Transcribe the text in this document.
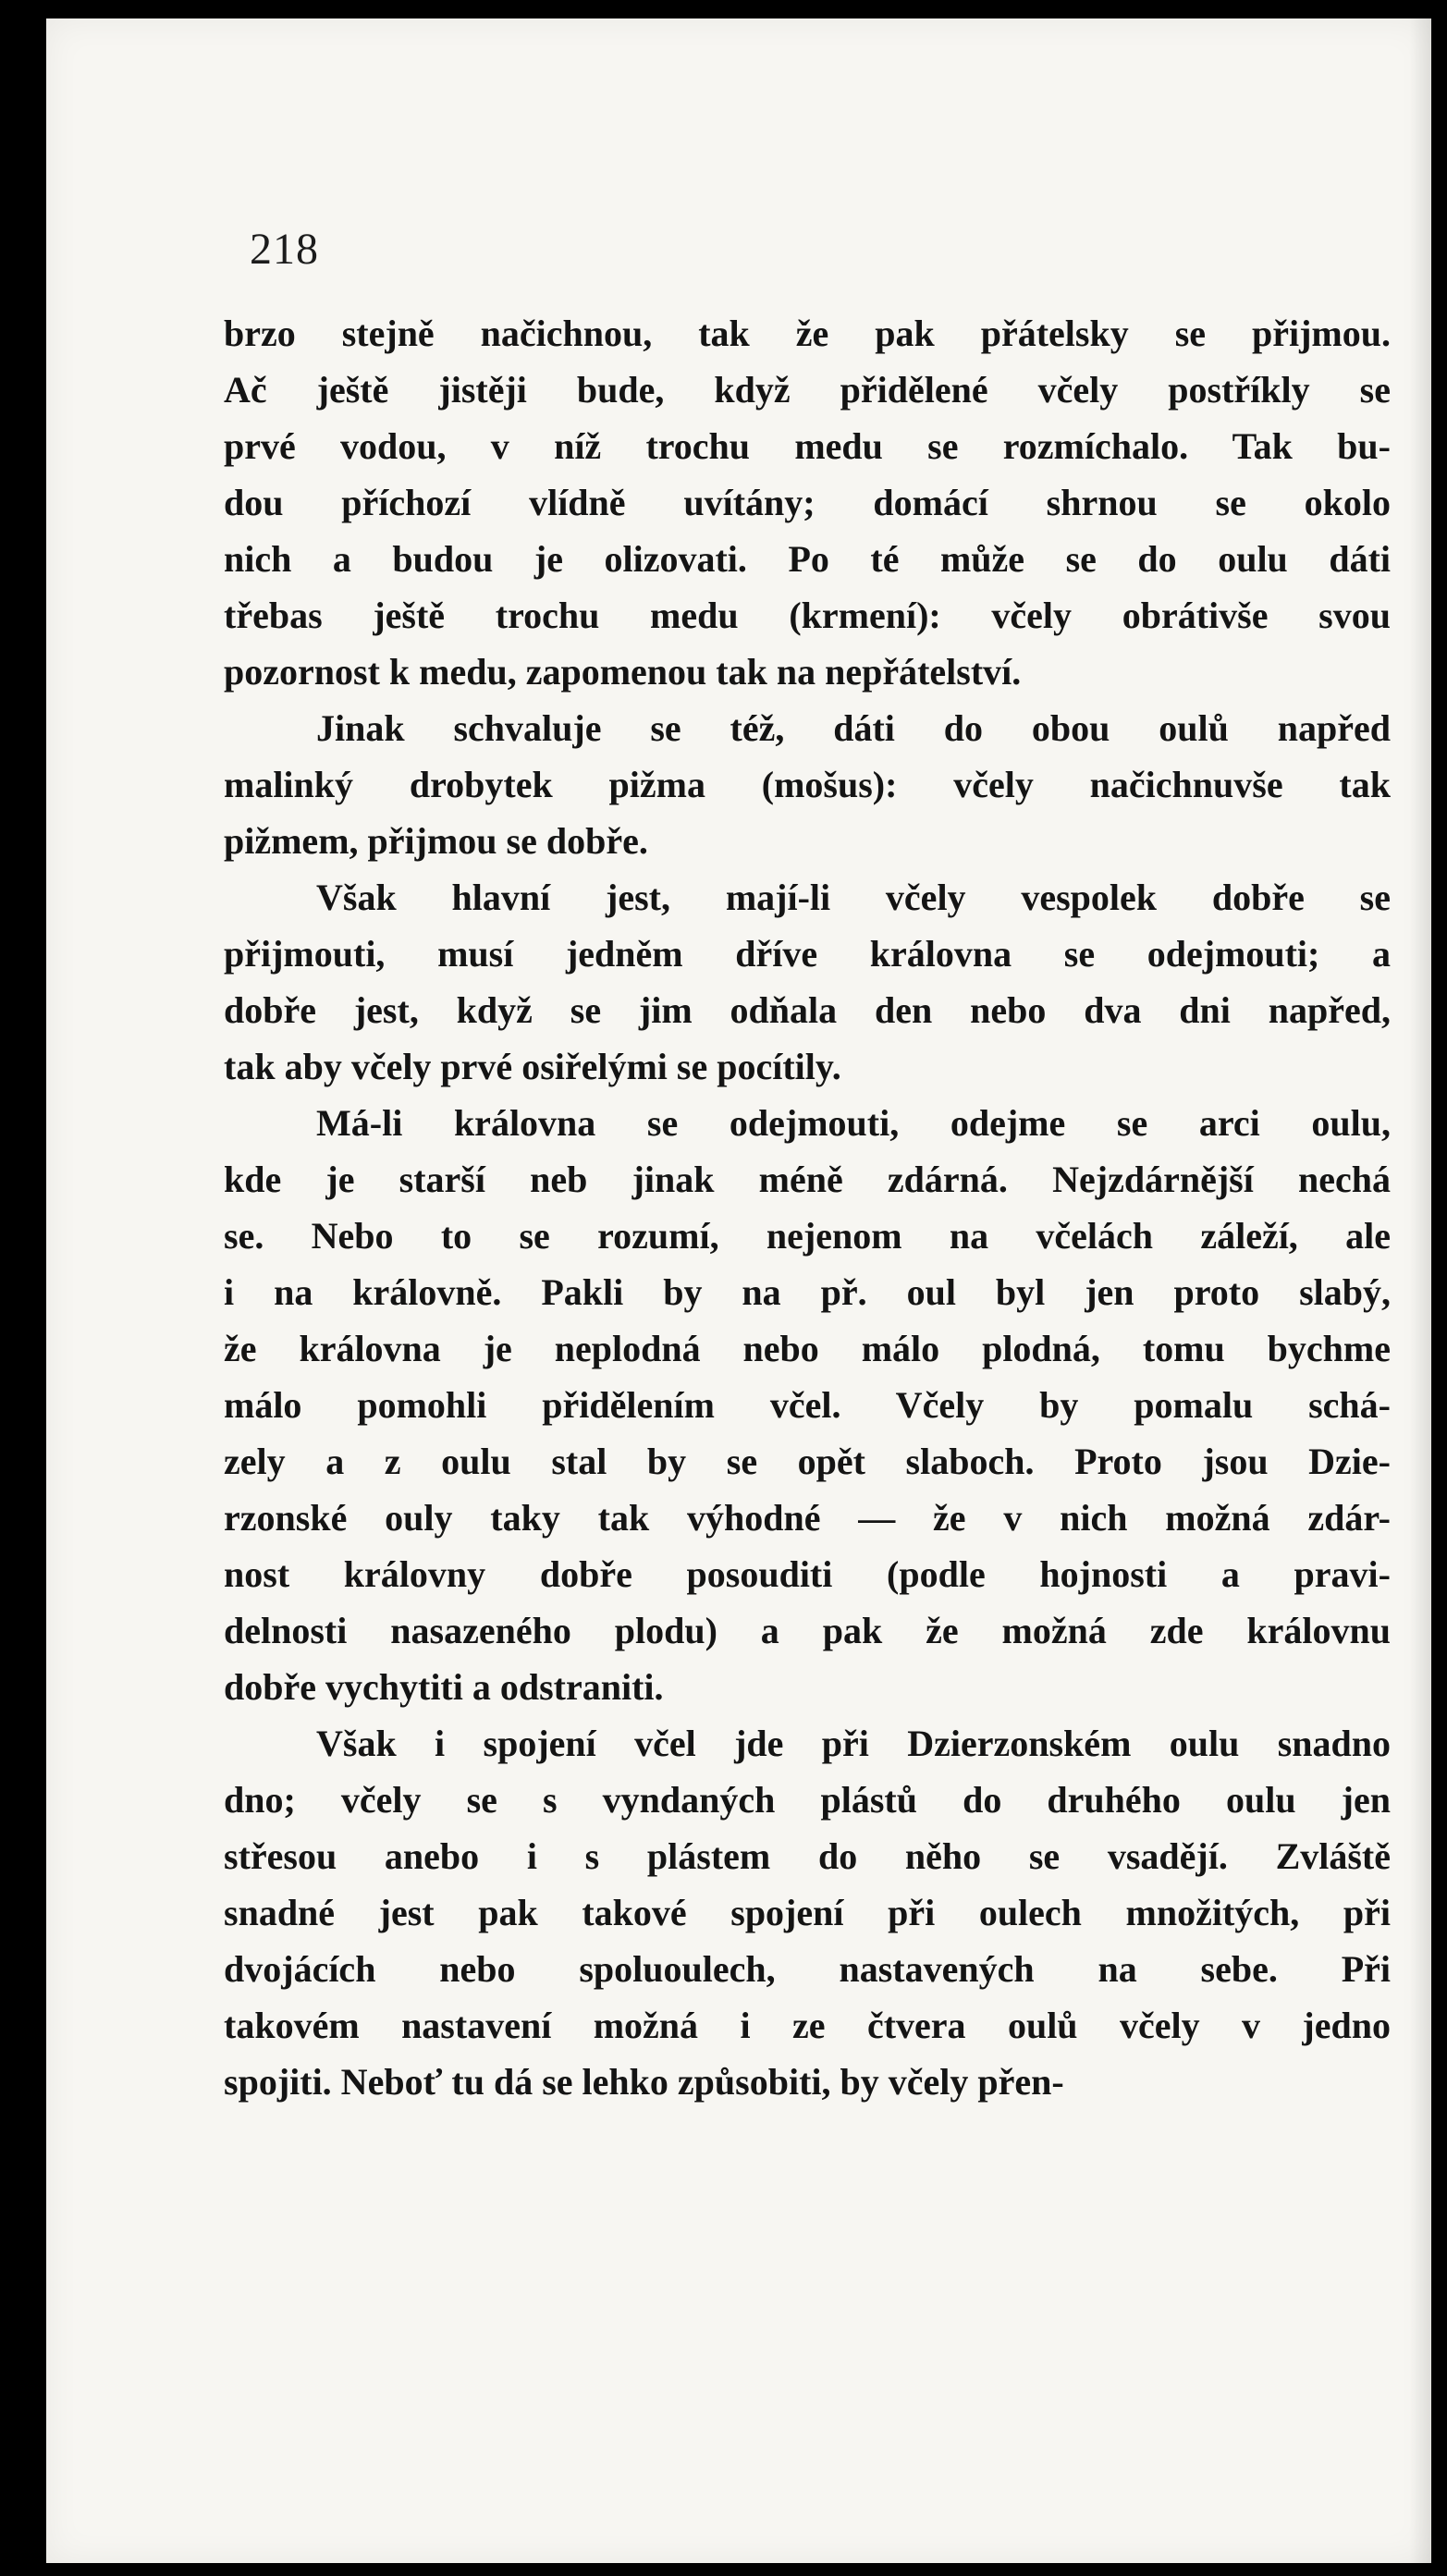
218
brzo stejně načichnou, tak že pak přátelsky se přijmou.
Ač ještě jistěji bude, když přidělené včely postříkly se
prvé vodou, v níž trochu medu se rozmíchalo. Tak bu-
dou příchozí vlídně uvítány; domácí shrnou se okolo
nich a budou je olizovati. Po té může se do oulu dáti
třebas ještě trochu medu (krmení): včely obrátivše svou
pozornost k medu, zapomenou tak na nepřátelství.
Jinak schvaluje se též, dáti do obou oulů napřed
malinký drobytek pižma (mošus): včely načichnuvše tak
pižmem, přijmou se dobře.
Však hlavní jest, mají-li včely vespolek dobře se
přijmouti, musí jedněm dříve královna se odejmouti; a
dobře jest, když se jim odňala den nebo dva dni napřed,
tak aby včely prvé osiřelými se pocítily.
Má-li královna se odejmouti, odejme se arci oulu,
kde je starší neb jinak méně zdárná. Nejzdárnější nechá
se. Nebo to se rozumí, nejenom na včelách záleží, ale
i na královně. Pakli by na př. oul byl jen proto slabý,
že královna je neplodná nebo málo plodná, tomu bychme
málo pomohli přidělením včel. Včely by pomalu schá-
zely a z oulu stal by se opět slaboch. Proto jsou Dzie-
rzonské ouly taky tak výhodné — že v nich možná zdár-
nost královny dobře posouditi (podle hojnosti a pravi-
delnosti nasazeného plodu) a pak že možná zde královnu
dobře vychytiti a odstraniti.
Však i spojení včel jde při Dzierzonském oulu snadno
dno; včely se s vyndaných plástů do druhého oulu jen
střesou anebo i s plástem do něho se vsadějí. Zvláště
snadné jest pak takové spojení při oulech množitých, při
dvojácích nebo spoluoulech, nastavených na sebe. Při
takovém nastavení možná i ze čtvera oulů včely v jedno
spojiti. Neboť tu dá se lehko způsobiti, by včely přen-
